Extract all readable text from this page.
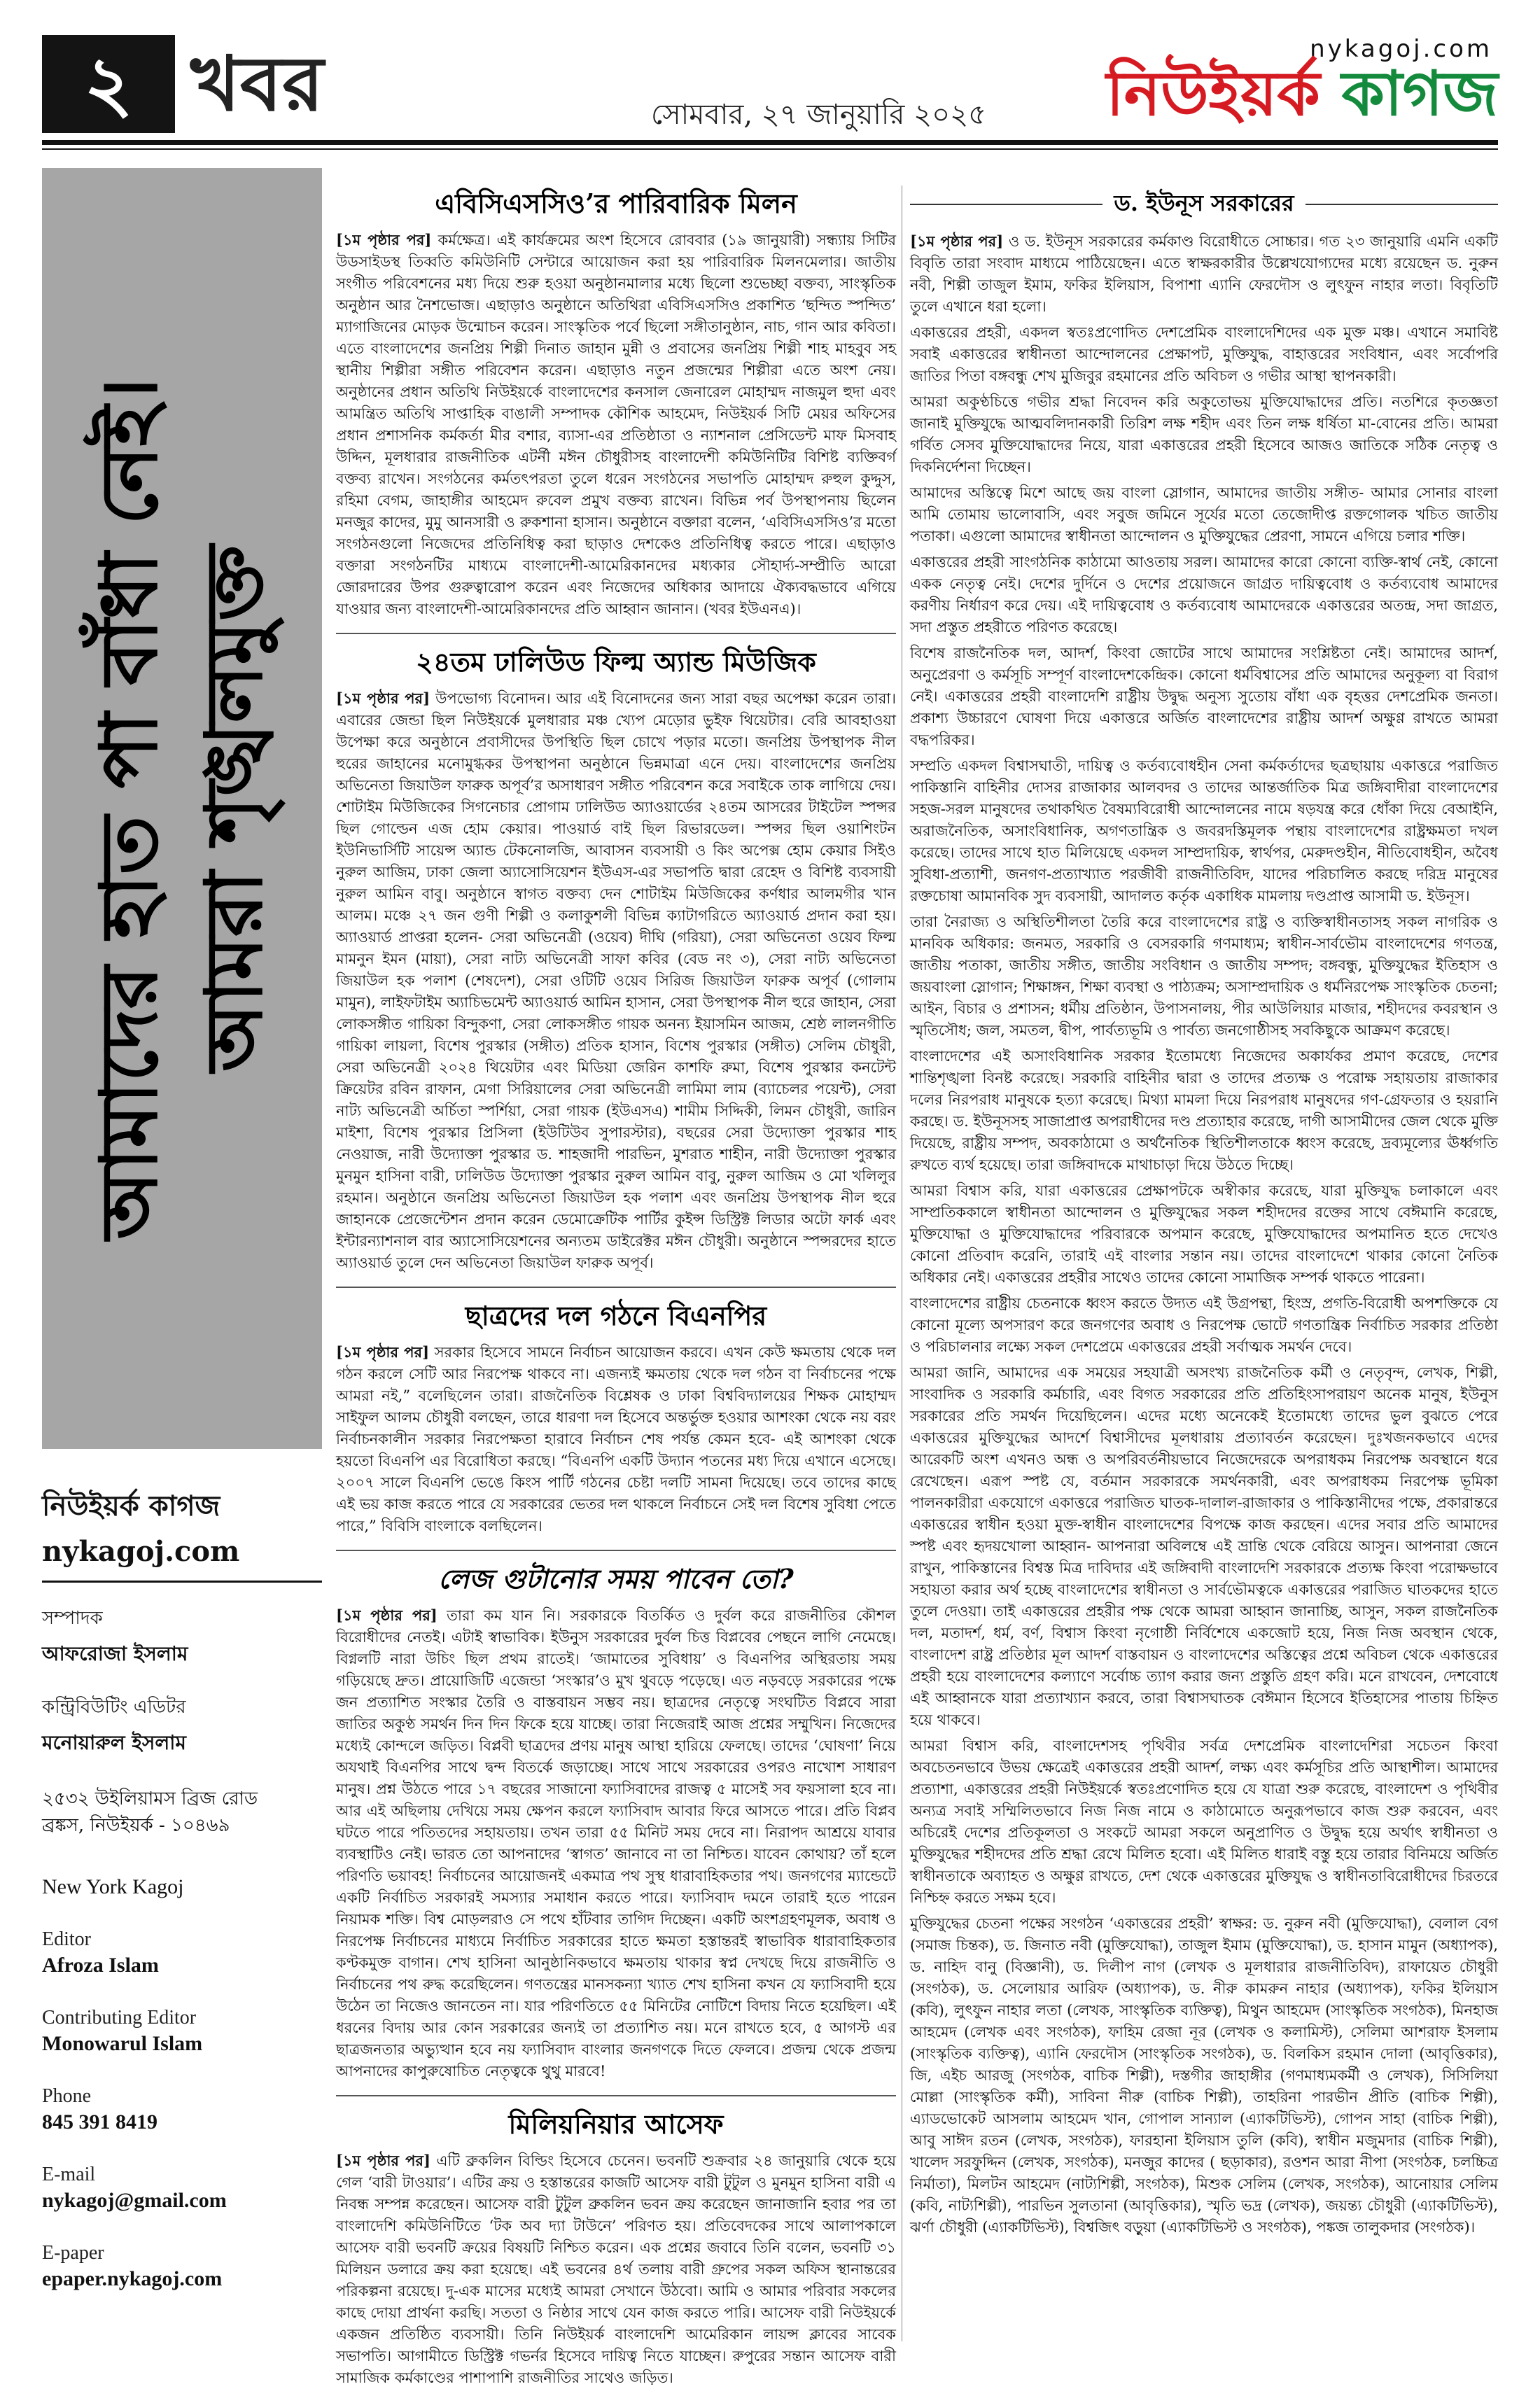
২ খবর	সোমবার, ২৭ জানুয়ারি ২০২৫
nykagoj.com
নিউইয়র্ক কাগজ
আমাদের হাত পা বাঁধা নেই। আমরা শৃঙ্খলমুক্ত
নিউইয়র্ক কাগজ
nykagoj.com
সম্পাদক
আফরোজা ইসলাম
কন্ট্রিবিউটিং এডিটর
মনোয়ারুল ইসলাম
২৫৩২ উইলিয়ামস ব্রিজ রোড
ব্রঙ্কস, নিউইয়র্ক - ১০৪৬৯
New York Kagoj
Editor
Afroza Islam
Contributing Editor
Monowarul Islam
Phone
845 391 8419
E-mail
nykagoj@gmail.com
E-paper
epaper.nykagoj.com
এবিসিএসসিও’র পারিবারিক মিলন

[১ম পৃষ্ঠার পর] কর্মক্ষেত্র। এই কার্যক্রমের অংশ হিসেবে রোববার (১৯ জানুয়ারী) সন্ধ্যায় সিটির উডসাইডস্থ তিব্বতি কমিউনিটি সেন্টারে আয়োজন করা হয় পারিবারিক মিলনমেলার। জাতীয় সংগীত পরিবেশনের মধ্য দিয়ে শুরু হওয়া অনুষ্ঠানমালার মধ্যে ছিলো শুভেচ্ছা বক্তব্য, সাংস্কৃতিক অনুষ্ঠান আর নৈশভোজ। এছাড়াও অনুষ্ঠানে অতিথিরা এবিসিএসসিও প্রকাশিত ‘ছন্দিত স্পন্দিত’ ম্যাগাজিনের মোড়ক উন্মোচন করেন। সাংস্কৃতিক পর্বে ছিলো সঙ্গীতানুষ্ঠান, নাচ, গান আর কবিতা। এতে বাংলাদেশের জনপ্রিয় শিল্পী দিনাত জাহান মুন্নী ও প্রবাসের জনপ্রিয় শিল্পী শাহ মাহবুব সহ স্থানীয় শিল্পীরা সঙ্গীত পরিবেশন করেন। এছাড়াও নতুন প্রজন্মের শিল্পীরা এতে অংশ নেয়। অনুষ্ঠানের প্রধান অতিথি নিউইয়র্কে বাংলাদেশের কনসাল জেনারেল মোহাম্মদ নাজমুল হুদা এবং আমন্ত্রিত অতিথি সাপ্তাহিক বাঙালী সম্পাদক কৌশিক আহমেদ, নিউইয়র্ক সিটি মেয়র অফিসের প্রধান প্রশাসনিক কর্মকর্তা মীর বশার, ব্যাসা-এর প্রতিষ্ঠাতা ও ন্যাশনাল প্রেসিডেন্ট মাফ মিসবাহ উদ্দিন, মূলধারার রাজনীতিক এটর্নী মঈন চৌধুরীসহ বাংলাদেশী কমিউনিটির বিশিষ্ট ব্যক্তিবর্গ বক্তব্য রাখেন। সংগঠনের কর্মতৎপরতা তুলে ধরেন সংগঠনের সভাপতি মোহাম্মদ রুহুল কুদ্দুস, রহিমা বেগম, জাহাঙ্গীর আহমেদ রুবেল প্রমুখ বক্তব্য রাখেন। বিভিন্ন পর্ব উপস্থাপনায় ছিলেন মনজুর কাদের, মুমু আনসারী ও রুকশানা হাসান। অনুষ্ঠানে বক্তারা বলেন, ‘এবিসিএসসিও’র মতো সংগঠনগুলো নিজেদের প্রতিনিধিত্ব করা ছাড়াও দেশকেও প্রতিনিধিত্ব করতে পারে। এছাড়াও বক্তারা সংগঠনটির মাধ্যমে বাংলাদেশী-আমেরিকানদের মধ্যকার সৌহার্দ্য-সম্প্রীতি আরো জোরদারের উপর গুরুত্বারোপ করেন এবং নিজেদের অধিকার আদায়ে ঐক্যবদ্ধভাবে এগিয়ে যাওয়ার জন্য বাংলাদেশী-আমেরিকানদের প্রতি আহ্বান জানান। (খবর ইউএনএ)।

২৪তম ঢালিউড ফিল্ম অ্যান্ড মিউজিক

[১ম পৃষ্ঠার পর] উপভোগ্য বিনোদন। আর এই বিনোদনের জন্য সারা বছর অপেক্ষা করেন তারা। এবারের জেন্ডা ছিল নিউইয়র্কে মুলধারার মঞ্চ খ্যেপ মেড়োর ভুইফ থিয়েটার। বেরি আবহাওয়া উপেক্ষা করে অনুষ্ঠানে প্রবাসীদের উপস্থিতি ছিল চোখে পড়ার মতো। জনপ্রিয় উপস্থাপক নীল হুরের জাহানের মনোমুগ্ধকর উপস্থাপনা অনুষ্ঠানে ভিন্নমাত্রা এনে দেয়। বাংলাদেশের জনপ্রিয় অভিনেতা জিয়াউল ফারুক অপূর্ব’র অসাধারণ সঙ্গীত পরিবেশন করে সবাইকে তাক লাগিয়ে দেয়। শোটাইম মিউজিকের সিগনেচার প্রোগাম ঢালিউড অ্যাওয়ার্ডের ২৪তম আসরের টাইটেল স্পন্সর ছিল গোল্ডেন এজ হোম কেয়ার। পাওয়ার্ড বাই ছিল রিভারডেল। স্পন্সর ছিল ওয়াশিংটন ইউনিভার্সিটি সায়েন্স অ্যান্ড টেকনোলজি, আবাসন ব্যবসায়ী ও কিং অপেক্স হোম কেয়ার সিইও নুরুল আজিম, ঢাকা জেলা অ্যাসোসিয়েশন ইউএস-এর সভাপতি দ্বারা রেহেদ ও বিশিষ্ট ব্যবসায়ী নুরুল আমিন বাবু। অনুষ্ঠানে স্বাগত বক্তব্য দেন শোটাইম মিউজিকের কর্ণধার আলমগীর খান আলম। মঞ্চে ২৭ জন গুণী শিল্পী ও কলাকুশলী বিভিন্ন ক্যাটাগরিতে অ্যাওয়ার্ড প্রদান করা হয়। অ্যাওয়ার্ড প্রাপ্তরা হলেন- সেরা অভিনেত্রী (ওয়েব) দীঘি (গরিয়া), সেরা অভিনেতা ওয়েব ফিল্ম মামনুন ইমন (মায়া), সেরা নাট্য অভিনেত্রী সাফা কবির (বেড নং ৩), সেরা নাট্য অভিনেতা জিয়াউল হক পলাশ (শেষদেশ), সেরা ওটিটি ওয়েব সিরিজ জিয়াউল ফারুক অপূর্ব (গোলাম মামুন), লাইফটাইম অ্যাচিভমেন্ট অ্যাওয়ার্ড আমিন হাসান, সেরা উপস্থাপক নীল হুরে জাহান, সেরা লোকসঙ্গীত গায়িকা বিন্দুকণা, সেরা লোকসঙ্গীত গায়ক অনন্য ইয়াসমিন আজম, শ্রেষ্ঠ লালনগীতি গায়িকা লায়লা, বিশেষ পুরস্কার (সঙ্গীত) প্রতিক হাসান, বিশেষ পুরস্কার (সঙ্গীত) সেলিম চৌধুরী, সেরা অভিনেত্রী ২০২৪ থিয়েটার এবং মিডিয়া জেরিন কাশফি রুমা, বিশেষ পুরস্কার কনটেন্ট ক্রিয়েটর রবিন রাফান, মেগা সিরিয়ালের সেরা অভিনেত্রী লামিমা লাম (ব্যাচেলর পয়েন্ট), সেরা নাট্য অভিনেত্রী অর্চিতা স্পর্শিয়া, সেরা গায়ক (ইউএসএ) শামীম সিদ্দিকী, লিমন চৌধুরী, জারিন মাইশা, বিশেষ পুরস্কার প্রিসিলা (ইউটিউব সুপারস্টার), বছরের সেরা উদ্যোক্তা পুরস্কার শাহ নেওয়াজ, নারী উদ্যোক্তা পুরস্কার ড. শাহজাদী পারভিন, মুশরাত শাহীন, নারী উদ্যোক্তা পুরস্কার মুনমুন হাসিনা বারী, ঢালিউড উদ্যোক্তা পুরস্কার নুরুল আমিন বাবু, নুরুল আজিম ও মো খলিলুর রহমান। অনুষ্ঠানে জনপ্রিয় অভিনেতা জিয়াউল হক পলাশ এবং জনপ্রিয় উপস্থাপক নীল হুরে জাহানকে প্রেজেন্টেশন প্রদান করেন ডেমোক্রেটিক পার্টির কুইন্স ডিস্ট্রিক্ট লিডার অটো ফার্ক এবং ইন্টারন্যাশনাল বার অ্যাসোসিয়েশনের অন্যতম ডাইরেক্টর মঈন চৌধুরী। অনুষ্ঠানে স্পন্সরদের হাতে অ্যাওয়ার্ড তুলে দেন অভিনেতা জিয়াউল ফারুক অপূর্ব।

ছাত্রদের দল গঠনে বিএনপির

[১ম পৃষ্ঠার পর] সরকার হিসেবে সামনে নির্বাচন আয়োজন করবে। এখন কেউ ক্ষমতায় থেকে দল গঠন করলে সেটি আর নিরপেক্ষ থাকবে না। এজন্যই ক্ষমতায় থেকে দল গঠন বা নির্বাচনের পক্ষে আমরা নই,” বলেছিলেন তারা। রাজনৈতিক বিশ্লেষক ও ঢাকা বিশ্ববিদ্যালয়ের শিক্ষক মোহাম্মদ সাইফুল আলম চৌধুরী বলছেন, তারে ধারণা দল হিসেবে অন্তর্ভুক্ত হওয়ার আশংকা থেকে নয় বরং নির্বাচনকালীন সরকার নিরপেক্ষতা হারাবে নির্বাচন শেষ পর্যন্ত কেমন হবে- এই আশংকা থেকে হয়তো বিএনপি এর বিরোধিতা করছে। “বিএনপি একটি উদ্যান পতনের মধ্য দিয়ে এখানে এসেছে। ২০০৭ সালে বিএনপি ভেঙে কিংস পার্টি গঠনের চেষ্টা দলটি সামনা দিয়েছে। তবে তাদের কাছে এই ভয় কাজ করতে পারে যে সরকারের ভেতর দল থাকলে নির্বাচনে সেই দল বিশেষ সুবিধা পেতে পারে,” বিবিসি বাংলাকে বলছিলেন।

লেজ গুটানোর সময় পাবেন তো?

[১ম পৃষ্ঠার পর] তারা কম যান নি। সরকারকে বিতর্কিত ও দুর্বল করে রাজনীতির কৌশল বিরোধীদের নেতই। এটাই স্বাভাবিক। ইউনুস সরকারের দুর্বল চিত্ত বিপ্লবের পেছনে লাগি নেমেছে। বিগ্নলটি নারা উচিং ছিল প্রথম রাতেই। ‘জামাতের সুবিধায়’ ও বিএনপির অস্থিরতায় সময় গড়িয়েছে দ্রুত। প্রায়োজিটি এজেন্ডা ‘সংস্কার’ও মুখ থুবড়ে পড়েছে। এত নড়বড়ে সরকারের পক্ষে জন প্রত্যাশিত সংস্কার তৈরি ও বাস্তবায়ন সম্ভব নয়। ছাত্রদের নেতৃত্বে সংঘটিত বিপ্লবে সারা জাতির অকুণ্ঠ সমর্থন দিন দিন ফিকে হয়ে যাচ্ছে। তারা নিজেরাই আজ প্রশ্নের সম্মুখিন। নিজেদের মধ্যেই কোন্দলে জড়িত। বিপ্লবী ছাত্রদের প্রণয় মানুষ আস্থা হারিয়ে ফেলছে। তাদের ‘ঘোষণা’ নিয়ে অযথাই বিএনপির সাথে দ্বন্দ বিতর্কে জড়াচ্ছে। সাথে সাথে সরকারের ওপরও নাখোশ সাধারণ মানুষ। প্রশ্ন উঠতে পারে ১৭ বছরের সাজানো ফ্যাসিবাদের রাজত্ব ৫ মাসেই সব ফয়সালা হবে না। আর এই অছিলায় দেখিয়ে সময় ক্ষেপন করলে ফ্যাসিবাদ আবার ফিরে আসতে পারে। প্রতি বিপ্লব ঘটতে পারে পতিতদের সহায়তায়। তখন তারা ৫৫ মিনিট সময় দেবে না। নিরাপদ আশ্রয়ে যাবার ব্যবস্থাটিও নেই। ভারত তো আপনাদের ‘স্বাগত’ জানাবে না তা নিশ্চিত। যাবেন কোথায়? তাঁ হলে পরিণতি ভয়াবহ! নির্বাচনের আয়োজনই একমাত্র পথ সুস্থ ধারাবাহিকতার পথ। জনগণের ম্যান্ডেটে একটি নির্বাচিত সরকারই সমস্যার সমাধান করতে পারে। ফ্যাসিবাদ দমনে তারাই হতে পারেন নিয়ামক শক্তি। বিশ্ব মোড়লরাও সে পথে হাঁটবার তাগিদ দিচ্ছেন। একটি অংশগ্রহণমূলক, অবাধ ও নিরপেক্ষ নির্বাচনের মাধ্যমে নির্বাচিত সরকারের হাতে ক্ষমতা হস্তান্তরই স্বাভাবিক ধারাবাহিকতার কণ্টকমুক্ত বাগান। শেখ হাসিনা আনুষ্ঠানিকভাবে ক্ষমতায় থাকার স্বপ্ন দেখছে দিয়ে রাজনীতি ও নির্বাচনের পথ রুদ্ধ করেছিলেন। গণতন্ত্রের মানসকন্যা খ্যাত শেখ হাসিনা কখন যে ফ্যাসিবাদী হয়ে উঠেন তা নিজেও জানতেন না। যার পরিণতিতে ৫৫ মিনিটের নোটিশে বিদায় নিতে হয়েছিল। এই ধরনের বিদায় আর কোন সরকারের জন্যই তা প্রত্যাশিত নয়। মনে রাখতে হবে, ৫ আগস্ট এর ছাত্রজনতার অভ্যুত্থান হবে নয় ফ্যাসিবাদ বাংলার জনগণকে দিতে ফেলবে। প্রজন্ম থেকে প্রজন্ম আপনাদের কাপুরুষোচিত নেতৃত্বকে থুথু মারবে!

মিলিয়নিয়ার আসেফ

[১ম পৃষ্ঠার পর] এটি ব্রুকলিন বিল্ডিং হিসেবে চেনেন। ভবনটি শুক্রবার ২৪ জানুয়ারি থেকে হয়ে গেল ‘বারী টাওয়ার’। এটির ক্রয় ও হস্তান্তরের কাজটি আসেফ বারী টুটুল ও মুনমুন হাসিনা বারী এ নিবন্ধ সম্পন্ন করেছেন। আসেফ বারী টুটুল ব্রুকলিন ভবন ক্রয় করেছেন জানাজানি হবার পর তা বাংলাদেশি কমিউনিটিতে ‘টক অব দ্যা টাউনে’ পরিণত হয়। প্রতিবেদকের সাথে আলাপকালে আসেফ বারী ভবনটি ক্রয়ের বিষয়টি নিশ্চিত করেন। এক প্রশ্নের জবাবে তিনি বলেন, ভবনটি ৩১ মিলিয়ন ডলারে ক্রয় করা হয়েছে। এই ভবনের ৪র্থ তলায় বারী গ্রুপের সকল অফিস স্থানান্তরের পরিকল্পনা রয়েছে। দু-এক মাসের মধ্যেই আমরা সেখানে উঠবো। আমি ও আমার পরিবার সকলের কাছে দোয়া প্রার্থনা করছি। সততা ও নিষ্ঠার সাথে যেন কাজ করতে পারি। আসেফ বারী নিউইয়র্কে একজন প্রতিষ্ঠিত ব্যবসায়ী। তিনি নিউইয়র্ক বাংলাদেশি আমেরিকান লায়ন্স ক্লাবের সাবেক সভাপতি। আগামীতে ডিস্ট্রিক্ট গভর্নর হিসেবে দায়িত্ব নিতে যাচ্ছেন। রুপুরের সন্তান আসেফ বারী সামাজিক কর্মকাণ্ডের পাশাপাশি রাজনীতির সাথেও জড়িত।

ড. ইউনূস সরকারের

[১ম পৃষ্ঠার পর] ও ড. ইউনূস সরকারের কর্মকাণ্ড বিরোধীতে সোচ্চার। গত ২৩ জানুয়ারি এমনি একটি বিবৃতি তারা সংবাদ মাধ্যমে পাঠিয়েছেন। এতে স্বাক্ষরকারীর উল্লেখযোগ্যদের মধ্যে রয়েছেন ড. নুরুন নবী, শিল্পী তাজুল ইমাম, ফকির ইলিয়াস, বিপাশা এ্যানি ফেরদৌস ও লুৎফুন নাহার লতা। বিবৃতিটি তুলে এখানে ধরা হলো।

একাত্তরের প্রহরী, একদল স্বতঃপ্রণোদিত দেশপ্রেমিক বাংলাদেশিদের এক মুক্ত মঞ্চ। এখানে সমাবিষ্ট সবাই একাত্তরের স্বাধীনতা আন্দোলনের প্রেক্ষাপট, মুক্তিযুদ্ধ, বাহাত্তরের সংবিধান, এবং সর্বোপরি জাতির পিতা বঙ্গবন্ধু শেখ মুজিবুর রহমানের প্রতি অবিচল ও গভীর আস্থা স্থাপনকারী।

আমরা অকুণ্ঠচিত্তে গভীর শ্রদ্ধা নিবেদন করি অকুতোভয় মুক্তিযোদ্ধাদের প্রতি। নতশিরে কৃতজ্ঞতা জানাই মুক্তিযুদ্ধে আত্মবলিদানকারী তিরিশ লক্ষ শহীদ এবং তিন লক্ষ ধর্ষিতা মা-বোনের প্রতি। আমরা গর্বিত সেসব মুক্তিযোদ্ধাদের নিয়ে, যারা একাত্তরের প্রহরী হিসেবে আজও জাতিকে সঠিক নেতৃত্ব ও দিকনির্দেশনা দিচ্ছেন।

আমাদের অস্তিত্বে মিশে আছে জয় বাংলা স্লোগান, আমাদের জাতীয় সঙ্গীত- আমার সোনার বাংলা আমি তোমায় ভালোবাসি, এবং সবুজ জমিনে সূর্যের মতো তেজোদীপ্ত রক্তগোলক খচিত জাতীয় পতাকা। এগুলো আমাদের স্বাধীনতা আন্দোলন ও মুক্তিযুদ্ধের প্রেরণা, সামনে এগিয়ে চলার শক্তি।

একাত্তরের প্রহরী সাংগঠনিক কাঠামো আওতায় সরল। আমাদের কারো কোনো ব্যক্তি-স্বার্থ নেই, কোনো একক নেতৃত্ব নেই। দেশের দুর্দিনে ও দেশের প্রয়োজনে জাগ্রত দায়িত্ববোধ ও কর্তব্যবোধ আমাদের করণীয় নির্ধারণ করে দেয়। এই দায়িত্ববোধ ও কর্তব্যবোধ আমাদেরকে একাত্তরের অতন্দ্র, সদা জাগ্রত, সদা প্রস্তুত প্রহরীতে পরিণত করেছে।

বিশেষ রাজনৈতিক দল, আদর্শ, কিংবা জোটের সাথে আমাদের সংশ্লিষ্টতা নেই। আমাদের আদর্শ, অনুপ্রেরণা ও কর্মসূচি সম্পূর্ণ বাংলাদেশকেন্দ্রিক। কোনো ধর্মবিশ্বাসের প্রতি আমাদের অনুকূল্য বা বিরাগ নেই। একাত্তরের প্রহরী বাংলাদেশি রাষ্ট্রীয় উদ্বুদ্ধ অনুস্য সুতোয় বাঁধা এক বৃহত্তর দেশপ্রেমিক জনতা। প্রকাশ্য উচ্চারণে ঘোষণা দিয়ে একাত্তরে অর্জিত বাংলাদেশের রাষ্ট্রীয় আদর্শ অক্ষুণ্ণ রাখতে আমরা বদ্ধপরিকর।

সম্প্রতি একদল বিশ্বাসঘাতী, দায়িত্ব ও কর্তব্যবোধহীন সেনা কর্মকর্তাদের ছত্রছায়ায় একাত্তরে পরাজিত পাকিস্তানি বাহিনীর দোসর রাজাকার আলবদর ও তাদের আন্তর্জাতিক মিত্র জঙ্গিবাদীরা বাংলাদেশের সহজ-সরল মানুষদের তথাকথিত বৈষম্যবিরোধী আন্দোলনের নামে ষড়যন্ত্র করে ধোঁকা দিয়ে বেআইনি, অরাজনৈতিক, অসাংবিধানিক, অগণতান্ত্রিক ও জবরদস্তিমূলক পন্থায় বাংলাদেশের রাষ্ট্রক্ষমতা দখল করেছে। তাদের সাথে হাত মিলিয়েছে একদল সাম্প্রদায়িক, স্বার্থপর, মেরুদণ্ডহীন, নীতিবোধহীন, অবৈধ সুবিধা-প্রত্যাশী, জনগণ-প্রত্যাখ্যাত পরজীবী রাজনীতিবিদ, যাদের পরিচালিত করছে দরিদ্র মানুষের রক্তচোষা আমানবিক সুদ ব্যবসায়ী, আদালত কর্তৃক একাধিক মামলায় দণ্ডপ্রাপ্ত আসামী ড. ইউনূস।

তারা নৈরাজ্য ও অস্থিতিশীলতা তৈরি করে বাংলাদেশের রাষ্ট্র ও ব্যক্তিস্বাধীনতাসহ সকল নাগরিক ও মানবিক অধিকার: জনমত, সরকারি ও বেসরকারি গণমাধ্যম; স্বাধীন-সার্বভৌম বাংলাদেশের গণতন্ত্র, জাতীয় পতাকা, জাতীয় সঙ্গীত, জাতীয় সংবিধান ও জাতীয় সম্পদ; বঙ্গবন্ধু, মুক্তিযুদ্ধের ইতিহাস ও জয়বাংলা স্লোগান; শিক্ষাঙ্গন, শিক্ষা ব্যবস্থা ও পাঠ্যক্রম; অসাম্প্রদায়িক ও ধর্মনিরপেক্ষ সাংস্কৃতিক চেতনা; আইন, বিচার ও প্রশাসন; ধর্মীয় প্রতিষ্ঠান, উপাসনালয়, পীর আউলিয়ার মাজার, শহীদদের কবরস্থান ও স্মৃতিসৌধ; জল, সমতল, দ্বীপ, পার্বত্যভূমি ও পার্বত্য জনগোষ্ঠীসহ সবকিছুকে আক্রমণ করেছে।

বাংলাদেশের এই অসাংবিধানিক সরকার ইতোমধ্যে নিজেদের অকার্যকর প্রমাণ করেছে, দেশের শান্তিশৃঙ্খলা বিনষ্ট করেছে। সরকারি বাহিনীর দ্বারা ও তাদের প্রত্যক্ষ ও পরোক্ষ সহায়তায় রাজাকার দলের নিরপরাধ মানুষকে হত্যা করেছে। মিথ্যা মামলা দিয়ে নিরপরাধ মানুষদের গণ-গ্রেফতার ও হয়রানি করছে। ড. ইউনূসসহ সাজাপ্রাপ্ত অপরাধীদের দণ্ড প্রত্যাহার করেছে, দাগী আসামীদের জেল থেকে মুক্তি দিয়েছে, রাষ্ট্রীয় সম্পদ, অবকাঠামো ও অর্থনৈতিক স্থিতিশীলতাকে ধ্বংস করেছে, দ্রব্যমূল্যের ঊর্ধ্বগতি রুখতে ব্যর্থ হয়েছে। তারা জঙ্গিবাদকে মাথাচাড়া দিয়ে উঠতে দিচ্ছে।

আমরা বিশ্বাস করি, যারা একাত্তরের প্রেক্ষাপটকে অস্বীকার করেছে, যারা মুক্তিযুদ্ধ চলাকালে এবং সাম্প্রতিককালে স্বাধীনতা আন্দোলন ও মুক্তিযুদ্ধের সকল শহীদদের রক্তের সাথে বেঈমানি করেছে, মুক্তিযোদ্ধা ও মুক্তিযোদ্ধাদের পরিবারকে অপমান করেছে, মুক্তিযোদ্ধাদের অপমানিত হতে দেখেও কোনো প্রতিবাদ করেনি, তারাই এই বাংলার সন্তান নয়। তাদের বাংলাদেশে থাকার কোনো নৈতিক অধিকার নেই। একাত্তরের প্রহরীর সাথেও তাদের কোনো সামাজিক সম্পর্ক থাকতে পারেনা।

বাংলাদেশের রাষ্ট্রীয় চেতনাকে ধ্বংস করতে উদ্যত এই উগ্রপন্থা, হিংস্র, প্রগতি-বিরোধী অপশক্তিকে যে কোনো মূল্যে অপসারণ করে জনগণের অবাধ ও নিরপেক্ষ ভোটে গণতান্ত্রিক নির্বাচিত সরকার প্রতিষ্ঠা ও পরিচালনার লক্ষ্যে সকল দেশপ্রেমে একাত্তরের প্রহরী সর্বাত্মক সমর্থন দেবে।

আমরা জানি, আমাদের এক সময়ের সহযাত্রী অসংখ্য রাজনৈতিক কর্মী ও নেতৃবৃন্দ, লেখক, শিল্পী, সাংবাদিক ও সরকারি কর্মচারি, এবং বিগত সরকারের প্রতি প্রতিহিংসাপরায়ণ অনেক মানুষ, ইউনুস সরকারের প্রতি সমর্থন দিয়েছিলেন। এদের মধ্যে অনেকেই ইতোমধ্যে তাদের ভুল বুঝতে পেরে একাত্তরের মুক্তিযুদ্ধের আদর্শে বিশ্বাসীদের মূলধারায় প্রত্যাবর্তন করেছেন। দুঃখজনকভাবে এদের আরেকটি অংশ এখনও অন্ধ ও অপরিবর্তনীয়ভাবে নিজেদেরকে অপরাধকম নিরপেক্ষ অবস্থানে ধরে রেখেছেন। এরূপ স্পষ্ট যে, বর্তমান সরকারকে সমর্থনকারী, এবং অপরাধকম নিরপেক্ষ ভূমিকা পালনকারীরা একযোগে একাত্তরে পরাজিত ঘাতক-দালাল-রাজাকার ও পাকিস্তানীদের পক্ষে, প্রকারান্তরে একাত্তরের স্বাধীন হওয়া মুক্ত-স্বাধীন বাংলাদেশের বিপক্ষে কাজ করছেন। এদের সবার প্রতি আমাদের স্পষ্ট এবং হৃদয়খোলা আহ্বান- আপনারা অবিলম্বে এই ভ্রান্তি থেকে বেরিয়ে আসুন। আপনারা জেনে রাখুন, পাকিস্তানের বিশ্বস্ত মিত্র দাবিদার এই জঙ্গিবাদী বাংলাদেশি সরকারকে প্রত্যক্ষ কিংবা পরোক্ষভাবে সহায়তা করার অর্থ হচ্ছে বাংলাদেশের স্বাধীনতা ও সার্বভৌমত্বকে একাত্তরের পরাজিত ঘাতকদের হাতে তুলে দেওয়া। তাই একাত্তরের প্রহরীর পক্ষ থেকে আমরা আহ্বান জানাচ্ছি, আসুন, সকল রাজনৈতিক দল, মতাদর্শ, ধর্ম, বর্ণ, বিশ্বাস কিংবা নৃগোষ্ঠী নির্বিশেষে একজোট হয়ে, নিজ নিজ অবস্থান থেকে, বাংলাদেশ রাষ্ট্র প্রতিষ্ঠার মূল আদর্শ বাস্তবায়ন ও বাংলাদেশের অস্তিত্বের প্রশ্নে অবিচল থেকে একাত্তরের প্রহরী হয়ে বাংলাদেশের কল্যাণে সর্বোচ্চ ত্যাগ করার জন্য প্রস্তুতি গ্রহণ করি। মনে রাখবেন, দেশবোধে এই আহ্বানকে যারা প্রত্যাখ্যান করবে, তারা বিশ্বাসঘাতক বেঈমান হিসেবে ইতিহাসের পাতায় চিহ্নিত হয়ে থাকবে।

আমরা বিশ্বাস করি, বাংলাদেশসহ পৃথিবীর সর্বত্র দেশপ্রেমিক বাংলাদেশিরা সচেতন কিংবা অবচেতনভাবে উভয় ক্ষেত্রেই একাত্তরের প্রহরী আদর্শ, লক্ষ্য এবং কর্মসূচির প্রতি আস্থাশীল। আমাদের প্রত্যাশা, একাত্তরের প্রহরী নিউইয়র্কে স্বতঃপ্রণোদিত হয়ে যে যাত্রা শুরু করেছে, বাংলাদেশ ও পৃথিবীর অন্যত্র সবাই সম্মিলিতভাবে নিজ নিজ নামে ও কাঠামোতে অনুরূপভাবে কাজ শুরু করবেন, এবং অচিরেই দেশের প্রতিকূলতা ও সংকটে আমরা সকলে অনুপ্রাণিত ও উদ্বুদ্ধ হয়ে অর্থাৎ স্বাধীনতা ও মুক্তিযুদ্ধের শহীদদের প্রতি শ্রদ্ধা রেখে মিলিত হবো। এই মিলিত ধারাই বস্তু হয়ে তারার বিনিময়ে অর্জিত স্বাধীনতাকে অব্যাহত ও অক্ষুণ্ণ রাখতে, দেশ থেকে একাত্তরের মুক্তিযুদ্ধ ও স্বাধীনতাবিরোধীদের চিরতরে নিশ্চিহ্ন করতে সক্ষম হবে।

মুক্তিযুদ্ধের চেতনা পক্ষের সংগঠন ‘একাত্তরের প্রহরী’ স্বাক্ষর: ড. নুরুন নবী (মুক্তিযোদ্ধা), বেলাল বেগ (সমাজ চিন্তক), ড. জিনাত নবী (মুক্তিযোদ্ধা), তাজুল ইমাম (মুক্তিযোদ্ধা), ড. হাসান মামুন (অধ্যাপক), ড. নাহিদ বানু (বিজ্ঞানী), ড. দিলীপ নাগ (লেখক ও মূলধারার রাজনীতিবিদ), রাফায়েত চৌধুরী (সংগঠক), ড. সেলোয়ার আরিফ (অধ্যাপক), ড. নীরু কামরুন নাহার (অধ্যাপক), ফকির ইলিয়াস (কবি), লুৎফুন নাহার লতা (লেখক, সাংস্কৃতিক ব্যক্তিত্ব), মিথুন আহমেদ (সাংস্কৃতিক সংগঠক), মিনহাজ আহমেদ (লেখক এবং সংগঠক), ফাহিম রেজা নূর (লেখক ও কলামিস্ট), সেলিমা আশরাফ ইসলাম (সাংস্কৃতিক ব্যক্তিত্ব), এ্যানি ফেরদৌস (সাংস্কৃতিক সংগঠক), ড. বিলকিস রহমান দোলা (আবৃত্তিকার), জি, এইচ আরজু (সংগঠক, বাচিক শিল্পী), দস্তগীর জাহাঙ্গীর (গণমাধ্যমকর্মী ও লেখক), সিসিলিয়া মোল্লা (সাংস্কৃতিক কর্মী), সাবিনা নীরু (বাচিক শিল্পী), তাহরিনা পারভীন প্রীতি (বাচিক শিল্পী), এ্যাডভোকেট আসলাম আহমেদ খান, গোপাল সান্যাল (এ্যাকটিভিস্ট), গোপন সাহা (বাচিক শিল্পী), আবু সাঈদ রতন (লেখক, সংগঠক), ফারহানা ইলিয়াস তুলি (কবি), স্বাধীন মজুমদার (বাচিক শিল্পী), খালেদ সরফুদ্দিন (লেখক, সংগঠক), মনজুর কাদের ( ছড়াকার), রওশন আরা নীপা (সংগঠক, চলচ্চিত্র নির্মাতা), মিলটন আহমেদ (নাট্যশিল্পী, সংগঠক), মিশুক সেলিম (লেখক, সংগঠক), আনোয়ার সেলিম (কবি, নাট্যশিল্পী), পারভিন সুলতানা (আবৃত্তিকার), স্মৃতি ভদ্র (লেখক), জয়ন্ত্য চৌধুরী (এ্যাকটিভিস্ট), ঝর্ণা চৌধুরী (এ্যাকটিভিস্ট), বিশ্বজিৎ বড়ুয়া (এ্যাকটিভিস্ট ও সংগঠক), পঙ্কজ তালুকদার (সংগঠক)।
